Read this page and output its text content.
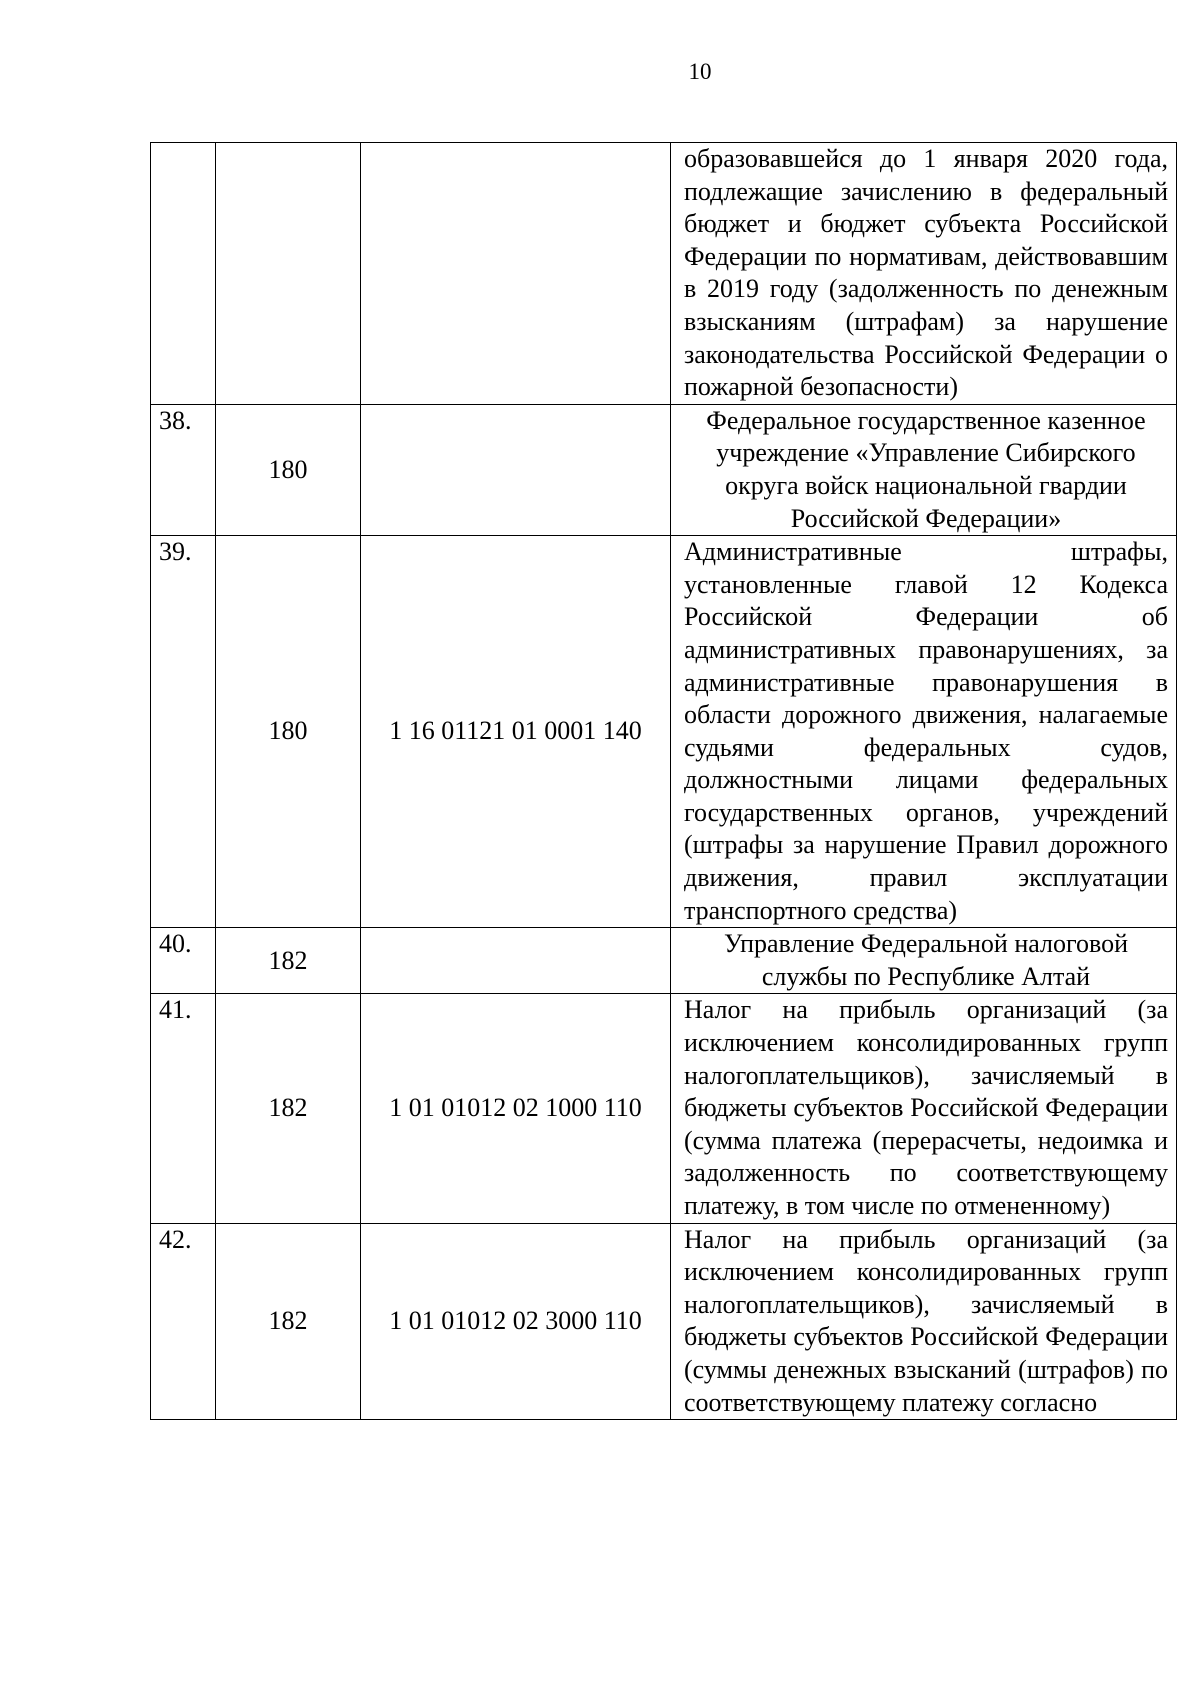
10
			образовавшейся до 1 января 2020 года, подлежащие зачислению в федеральный бюджет и бюджет субъекта Российской Федерации по нормативам, действовавшим в 2019 году (задолженность по денежным взысканиям (штрафам) за нарушение законодательства Российской Федерации о пожарной безопасности)
38.	180		Федеральное государственное казенное учреждение «Управление Сибирского округа войск национальной гвардии Российской Федерации»
39.	180	1 16 01121 01 0001 140	Административные штрафы, установленные главой 12 Кодекса Российской Федерации об административных правонарушениях, за административные правонарушения в области дорожного движения, налагаемые судьями федеральных судов, должностными лицами федеральных государственных органов, учреждений (штрафы за нарушение Правил дорожного движения, правил эксплуатации транспортного средства)
40.	182		Управление Федеральной налоговой службы по Республике Алтай
41.	182	1 01 01012 02 1000 110	Налог на прибыль организаций (за исключением консолидированных групп налогоплательщиков), зачисляемый в бюджеты субъектов Российской Федерации (сумма платежа (перерасчеты, недоимка и задолженность по соответствующему платежу, в том числе по отмененному)
42.	182	1 01 01012 02 3000 110	Налог на прибыль организаций (за исключением консолидированных групп налогоплательщиков), зачисляемый в бюджеты субъектов Российской Федерации (суммы денежных взысканий (штрафов) по соответствующему платежу согласно
